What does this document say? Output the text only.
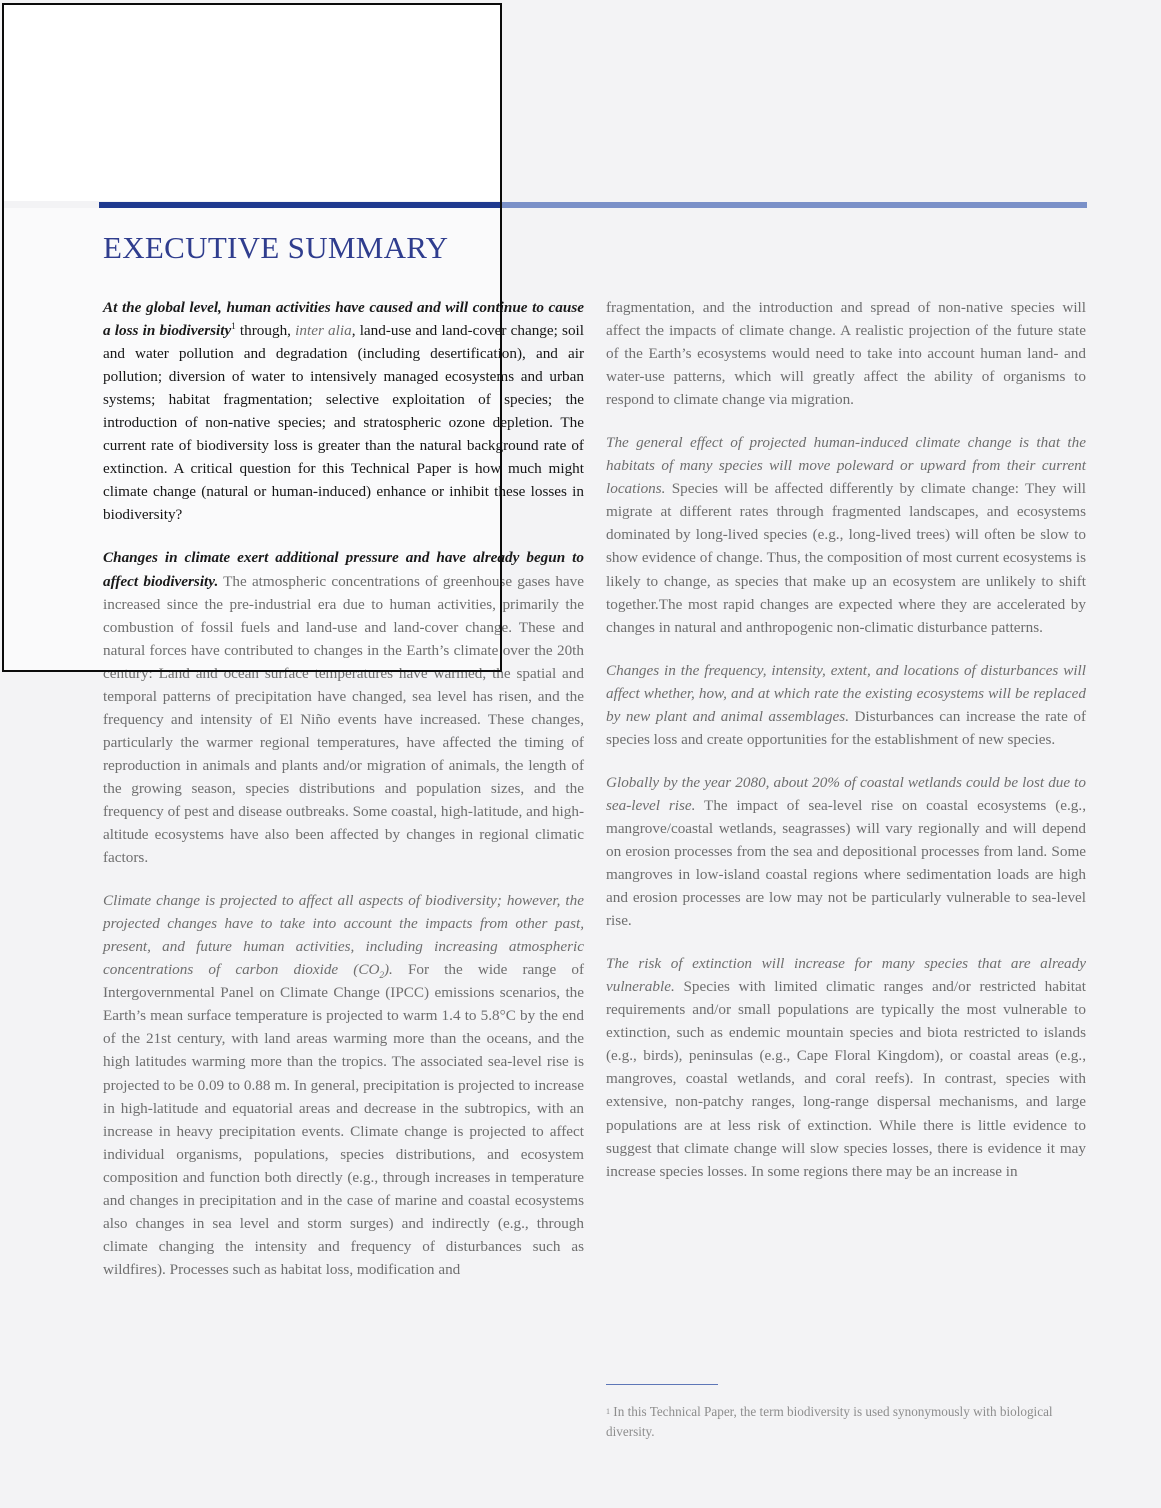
EXECUTIVE SUMMARY

At the global level, human activities have caused and will continue to cause a loss in biodiversity$^1$ through, inter alia, land-use and land-cover change; soil and water pollution and degradation (including desertification), and air pollution; diversion of water to intensively managed ecosystems and urban systems; habitat fragmentation; selective exploitation of species; the introduction of non-native species; and stratospheric ozone depletion. The current rate of biodiversity loss is greater than the natural background rate of extinction. A critical question for this Technical Paper is how much might climate change (natural or human-induced) enhance or inhibit these losses in biodiversity?

Changes in climate exert additional pressure and have already begun to affect biodiversity. The atmospheric concentrations of greenhouse gases have increased since the pre-industrial era due to human activities, primarily the combustion of fossil fuels and land-use and land-cover change. These and natural forces have contributed to changes in the Earth’s climate over the 20th century: Land and ocean surface temperatures have warmed, the spatial and temporal patterns of precipitation have changed, sea level has risen, and the frequency and intensity of El Niño events have increased. These changes, particularly the warmer regional temperatures, have affected the timing of reproduction in animals and plants and/or migration of animals, the length of the growing season, species distributions and population sizes, and the frequency of pest and disease outbreaks. Some coastal, high-latitude, and high-altitude ecosystems have also been affected by changes in regional climatic factors.

Climate change is projected to affect all aspects of biodiversity; however, the projected changes have to take into account the impacts from other past, present, and future human activities, including increasing atmospheric concentrations of carbon dioxide $(CO_2)$. For the wide range of Intergovernmental Panel on Climate Change (IPCC) emissions scenarios, the Earth’s mean surface temperature is projected to warm 1.4 to 5.8°C by the end of the 21st century, with land areas warming more than the oceans, and the high latitudes warming more than the tropics. The associated sea-level rise is projected to be 0.09 to 0.88 m. In general, precipitation is projected to increase in high-latitude and equatorial areas and decrease in the subtropics, with an increase in heavy precipitation events. Climate change is projected to affect individual organisms, populations, species distributions, and ecosystem composition and function both directly (e.g., through increases in temperature and changes in precipitation and in the case of marine and coastal ecosystems also changes in sea level and storm surges) and indirectly (e.g., through climate changing the intensity and frequency of disturbances such as wildfires). Processes such as habitat loss, modification and

fragmentation, and the introduction and spread of non-native species will affect the impacts of climate change. A realistic projection of the future state of the Earth’s ecosystems would need to take into account human land- and water-use patterns, which will greatly affect the ability of organisms to respond to climate change via migration.

The general effect of projected human-induced climate change is that the habitats of many species will move poleward or upward from their current locations. Species will be affected differently by climate change: They will migrate at different rates through fragmented landscapes, and ecosystems dominated by long-lived species (e.g., long-lived trees) will often be slow to show evidence of change. Thus, the composition of most current ecosystems is likely to change, as species that make up an ecosystem are unlikely to shift together.The most rapid changes are expected where they are accelerated by changes in natural and anthropogenic non-climatic disturbance patterns.

Changes in the frequency, intensity, extent, and locations of disturbances will affect whether, how, and at which rate the existing ecosystems will be replaced by new plant and animal assemblages. Disturbances can increase the rate of species loss and create opportunities for the establishment of new species.

Globally by the year 2080, about 20% of coastal wetlands could be lost due to sea-level rise. The impact of sea-level rise on coastal ecosystems (e.g., mangrove/coastal wetlands, seagrasses) will vary regionally and will depend on erosion processes from the sea and depositional processes from land. Some mangroves in low-island coastal regions where sedimentation loads are high and erosion processes are low may not be particularly vulnerable to sea-level rise.

The risk of extinction will increase for many species that are already vulnerable. Species with limited climatic ranges and/or restricted habitat requirements and/or small populations are typically the most vulnerable to extinction, such as endemic mountain species and biota restricted to islands (e.g., birds), peninsulas (e.g., Cape Floral Kingdom), or coastal areas (e.g., mangroves, coastal wetlands, and coral reefs). In contrast, species with extensive, non-patchy ranges, long-range dispersal mechanisms, and large populations are at less risk of extinction. While there is little evidence to suggest that climate change will slow species losses, there is evidence it may increase species losses. In some regions there may be an increase in

$^1$ In this Technical Paper, the term biodiversity is used synonymously with biological diversity.
